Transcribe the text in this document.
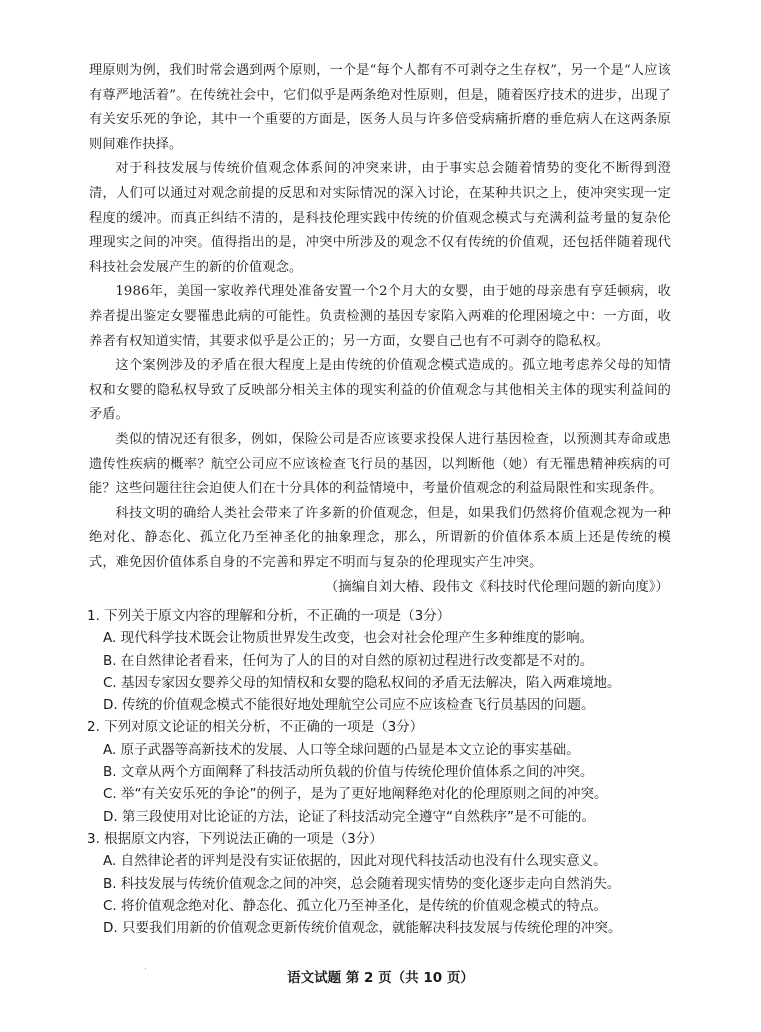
理原则为例，我们时常会遇到两个原则，一个是“每个人都有不可剥夺之生存权”，另一个是“人应该有尊严地活着”。在传统社会中，它们似乎是两条绝对性原则，但是，随着医疗技术的进步，出现了有关安乐死的争论，其中一个重要的方面是，医务人员与许多倍受病痛折磨的垂危病人在这两条原则间难作抉择。

对于科技发展与传统价值观念体系间的冲突来讲，由于事实总会随着情势的变化不断得到澄清，人们可以通过对观念前提的反思和对实际情况的深入讨论，在某种共识之上，使冲突实现一定程度的缓冲。而真正纠结不清的，是科技伦理实践中传统的价值观念模式与充满利益考量的复杂伦理现实之间的冲突。值得指出的是，冲突中所涉及的观念不仅有传统的价值观，还包括伴随着现代科技社会发展产生的新的价值观念。

1986年，美国一家收养代理处准备安置一个2个月大的女婴，由于她的母亲患有亨廷顿病，收养者提出鉴定女婴罹患此病的可能性。负责检测的基因专家陷入两难的伦理困境之中：一方面，收养者有权知道实情，其要求似乎是公正的；另一方面，女婴自己也有不可剥夺的隐私权。

这个案例涉及的矛盾在很大程度上是由传统的价值观念模式造成的。孤立地考虑养父母的知情权和女婴的隐私权导致了反映部分相关主体的现实利益的价值观念与其他相关主体的现实利益间的矛盾。

类似的情况还有很多，例如，保险公司是否应该要求投保人进行基因检查，以预测其寿命或患遗传性疾病的概率？航空公司应不应该检查飞行员的基因，以判断他（她）有无罹患精神疾病的可能？这些问题往往会迫使人们在十分具体的利益情境中，考量价值观念的利益局限性和实现条件。

科技文明的确给人类社会带来了许多新的价值观念，但是，如果我们仍然将价值观念视为一种绝对化、静态化、孤立化乃至神圣化的抽象理念，那么，所谓新的价值体系本质上还是传统的模式，难免因价值体系自身的不完善和界定不明而与复杂的伦理现实产生冲突。

（摘编自刘大椿、段伟文《科技时代伦理问题的新向度》）

1. 下列关于原文内容的理解和分析，不正确的一项是（3分）

A. 现代科学技术既会让物质世界发生改变，也会对社会伦理产生多种维度的影响。

B. 在自然律论者看来，任何为了人的目的对自然的原初过程进行改变都是不对的。

C. 基因专家因女婴养父母的知情权和女婴的隐私权间的矛盾无法解决，陷入两难境地。

D. 传统的价值观念模式不能很好地处理航空公司应不应该检查飞行员基因的问题。

2. 下列对原文论证的相关分析，不正确的一项是（3分）

A. 原子武器等高新技术的发展、人口等全球问题的凸显是本文立论的事实基础。

B. 文章从两个方面阐释了科技活动所负载的价值与传统伦理价值体系之间的冲突。

C. 举“有关安乐死的争论”的例子，是为了更好地阐释绝对化的伦理原则之间的冲突。

D. 第三段使用对比论证的方法，论证了科技活动完全遵守“自然秩序”是不可能的。

3. 根据原文内容，下列说法正确的一项是（3分）

A. 自然律论者的评判是没有实证依据的，因此对现代科技活动也没有什么现实意义。

B. 科技发展与传统价值观念之间的冲突，总会随着现实情势的变化逐步走向自然消失。

C. 将价值观念绝对化、静态化、孤立化乃至神圣化，是传统的价值观念模式的特点。

D. 只要我们用新的价值观念更新传统价值观念，就能解决科技发展与传统伦理的冲突。

·	语文试题 第 2 页（共 10 页）
